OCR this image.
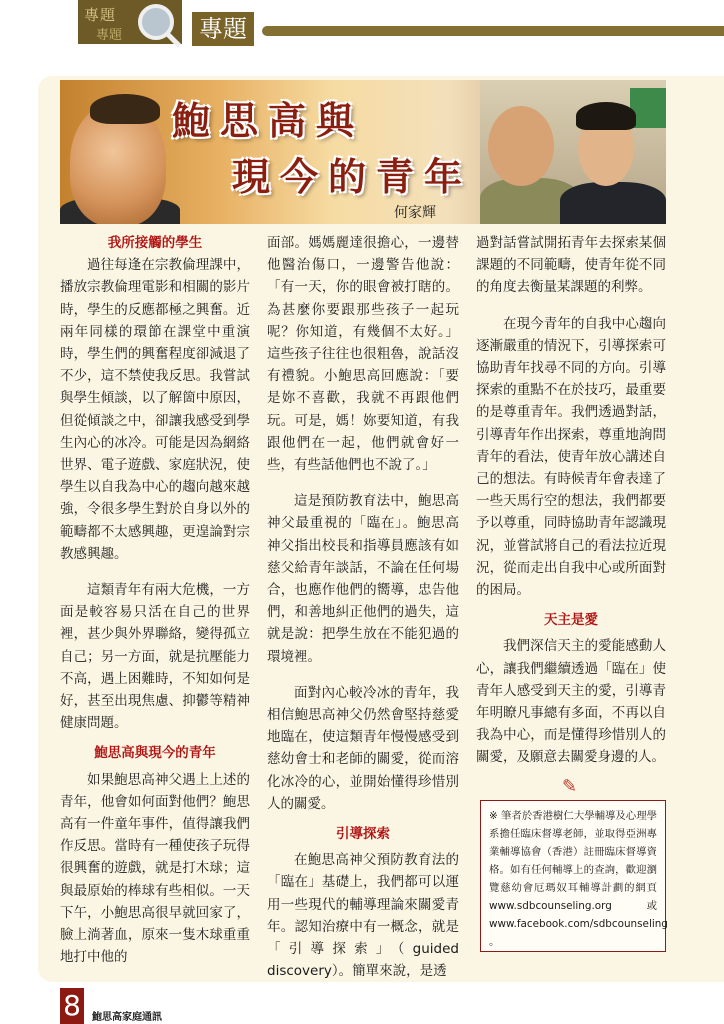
專題
專題	專題
鮑思高與
現今的青年
何家輝
我所接觸的學生

過往每逢在宗教倫理課中，播放宗教倫理電影和相關的影片時，學生的反應都極之興奮。近兩年同樣的環節在課堂中重演時，學生們的興奮程度卻減退了不少，這不禁使我反思。我嘗試與學生傾談，以了解箇中原因，但從傾談之中，卻讓我感受到學生內心的冰冷。可能是因為網絡世界、電子遊戲、家庭狀況，使學生以自我為中心的趨向越來越強，令很多學生對於自身以外的範疇都不太感興趣，更遑論對宗教感興趣。

這類青年有兩大危機，一方面是較容易只活在自己的世界裡，甚少與外界聯絡，變得孤立自己；另一方面，就是抗壓能力不高，遇上困難時，不知如何是好，甚至出現焦慮、抑鬱等精神健康問題。

鮑思高與現今的青年

如果鮑思高神父遇上上述的青年，他會如何面對他們？鮑思高有一件童年事件，值得讓我們作反思。當時有一種使孩子玩得很興奮的遊戲，就是打木球；這與最原始的棒球有些相似。一天下午，小鮑思高很早就回家了，臉上淌著血，原來一隻木球重重地打中他的

面部。媽媽麗達很擔心，一邊替他醫治傷口，一邊警告他說：「有一天，你的眼會被打瞎的。為甚麼你要跟那些孩子一起玩呢？你知道，有幾個不太好。」這些孩子往往也很粗魯，說話沒有禮貌。小鮑思高回應說：「要是妳不喜歡，我就不再跟他們玩。可是，媽！妳要知道，有我跟他們在一起，他們就會好一些，有些話他們也不說了。」

這是預防教育法中，鮑思高神父最重視的「臨在」。鮑思高神父指出校長和指導員應該有如慈父給青年談話，不論在任何場合，也應作他們的嚮導，忠告他們，和善地糾正他們的過失，這就是說：把學生放在不能犯過的環境裡。

面對內心較冷冰的青年，我相信鮑思高神父仍然會堅持慈愛地臨在，使這類青年慢慢感受到慈幼會士和老師的關愛，從而溶化冰冷的心，並開始懂得珍惜別人的關愛。

引導探索

在鮑思高神父預防教育法的「臨在」基礎上，我們都可以運用一些現代的輔導理論來關愛青年。認知治療中有一概念，就是「引導探索」（guided discovery）。簡單來說，是透

過對話嘗試開拓青年去探索某個課題的不同範疇，使青年從不同的角度去衡量某課題的利弊。

在現今青年的自我中心趨向逐漸嚴重的情況下，引導探索可協助青年找尋不同的方向。引導探索的重點不在於技巧，最重要的是尊重青年。我們透過對話，引導青年作出探索，尊重地詢問青年的看法，使青年放心講述自己的想法。有時候青年會表達了一些天馬行空的想法，我們都要予以尊重，同時協助青年認識現況，並嘗試將自己的看法拉近現況，從而走出自我中心或所面對的困局。

天主是愛

我們深信天主的愛能感動人心，讓我們繼續透過「臨在」使青年人感受到天主的愛，引導青年明瞭凡事總有多面，不再以自我為中心，而是懂得珍惜別人的關愛，及願意去關愛身邊的人。

✎
※ 筆者於香港樹仁大學輔導及心理學系擔任臨床督導老師，並取得亞洲專業輔導協會（香港）註冊臨床督導資格。如有任何輔導上的查詢，歡迎瀏覽慈幼會厄瑪奴耳輔導計劃的網頁 www.sdbcounseling.org 或 www.facebook.com/sdbcounseling 。
8	鮑思高家庭通訊
